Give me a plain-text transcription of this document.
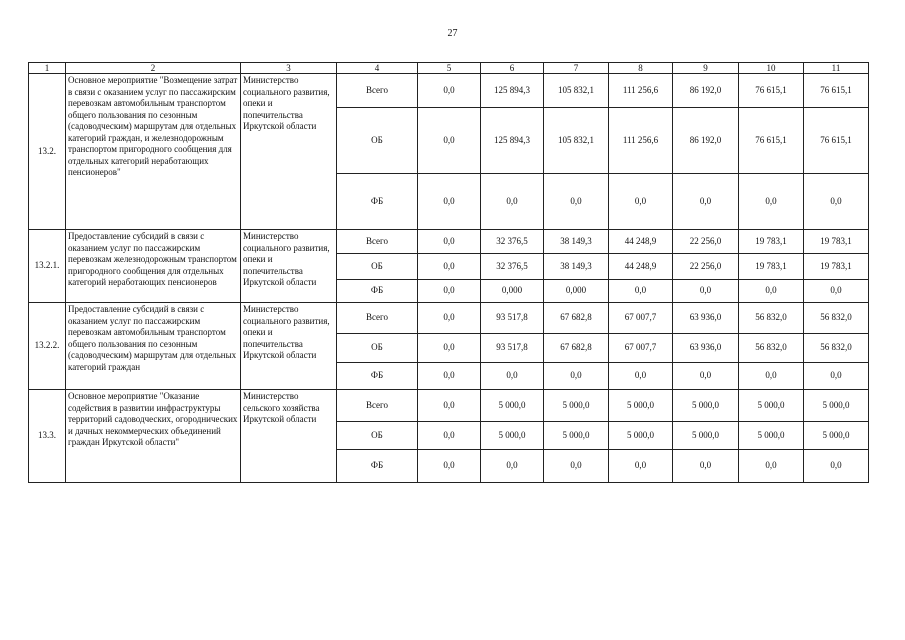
27
1	2	3	4	5	6	7	8	9	10	11
13.2.	Основное мероприятие "Возмещение затрат в связи с оказанием услуг по пассажирским перевозкам автомобильным транспортом общего пользования по сезонным (садоводческим) маршрутам для отдельных категорий граждан, и железнодорожным транспортом пригородного сообщения для отдельных категорий неработающих пенсионеров"	Министерство социального развития, опеки и попечительства Иркутской области	Всего	0,0	125 894,3	105 832,1	111 256,6	86 192,0	76 615,1	76 615,1
			ОБ	0,0	125 894,3	105 832,1	111 256,6	86 192,0	76 615,1	76 615,1
			ФБ	0,0	0,0	0,0	0,0	0,0	0,0	0,0
13.2.1.	Предоставление субсидий в связи с оказанием услуг по пассажирским перевозкам железнодорожным транспортом пригородного сообщения для отдельных категорий неработающих пенсионеров	Министерство социального развития, опеки и попечительства Иркутской области	Всего	0,0	32 376,5	38 149,3	44 248,9	22 256,0	19 783,1	19 783,1
			ОБ	0,0	32 376,5	38 149,3	44 248,9	22 256,0	19 783,1	19 783,1
			ФБ	0,0	0,000	0,000	0,0	0,0	0,0	0,0
13.2.2.	Предоставление субсидий в связи с оказанием услуг по пассажирским перевозкам автомобильным транспортом общего пользования по сезонным (садоводческим) маршрутам для отдельных категорий граждан	Министерство социального развития, опеки и попечительства Иркутской области	Всего	0,0	93 517,8	67 682,8	67 007,7	63 936,0	56 832,0	56 832,0
			ОБ	0,0	93 517,8	67 682,8	67 007,7	63 936,0	56 832,0	56 832,0
			ФБ	0,0	0,0	0,0	0,0	0,0	0,0	0,0
13.3.	Основное мероприятие "Оказание содействия в развитии инфраструктуры территорий садоводческих, огороднических и дачных некоммерческих объединений граждан Иркутской области"	Министерство сельского хозяйства Иркутской области	Всего	0,0	5 000,0	5 000,0	5 000,0	5 000,0	5 000,0	5 000,0
			ОБ	0,0	5 000,0	5 000,0	5 000,0	5 000,0	5 000,0	5 000,0
			ФБ	0,0	0,0	0,0	0,0	0,0	0,0	0,0
